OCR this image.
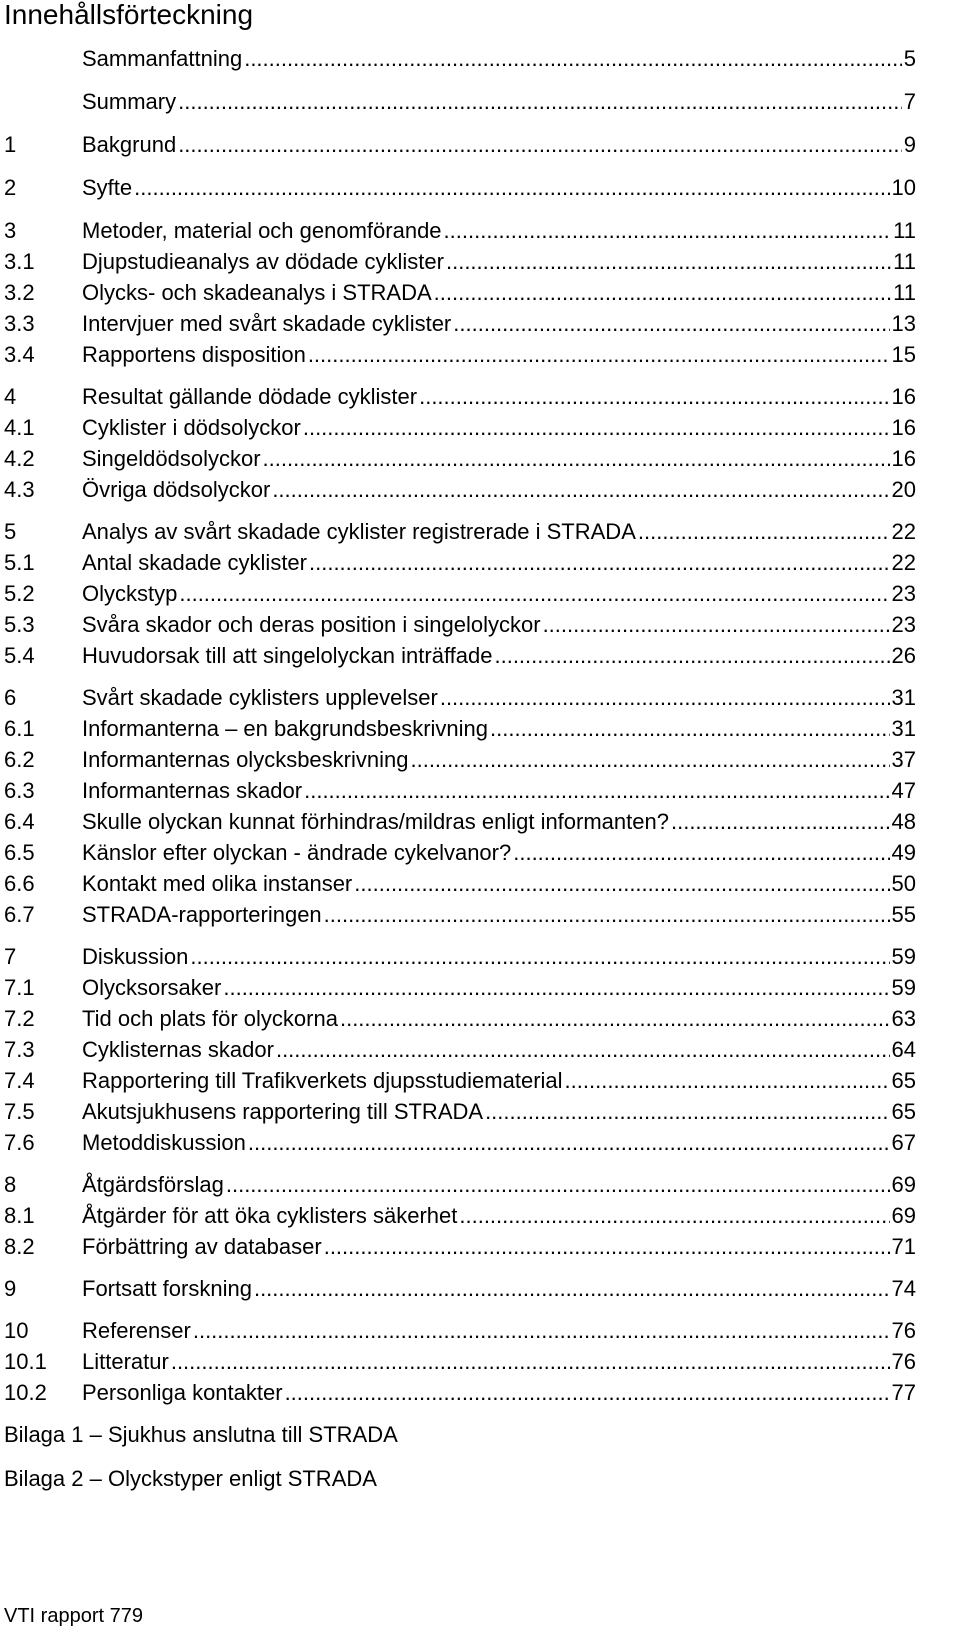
Innehållsförteckning
Sammanfattning .....	5
Summary .....	7
1	Bakgrund .....	9
2	Syfte .....	10
3	Metoder, material och genomförande .....	11
3.1	Djupstudieanalys av dödade cyklister .....	11
3.2	Olycks- och skadeanalys i STRADA .....	11
3.3	Intervjuer med svårt skadade cyklister .....	13
3.4	Rapportens disposition .....	15
4	Resultat gällande dödade cyklister .....	16
4.1	Cyklister i dödsolyckor .....	16
4.2	Singeldödsolyckor .....	16
4.3	Övriga dödsolyckor .....	20
5	Analys av svårt skadade cyklister registrerade i STRADA .....	22
5.1	Antal skadade cyklister .....	22
5.2	Olyckstyp .....	23
5.3	Svåra skador och deras position i singelolyckor .....	23
5.4	Huvudorsak till att singelolyckan inträffade .....	26
6	Svårt skadade cyklisters upplevelser .....	31
6.1	Informanterna – en bakgrundsbeskrivning .....	31
6.2	Informanternas olycksbeskrivning .....	37
6.3	Informanternas skador .....	47
6.4	Skulle olyckan kunnat förhindras/mildras enligt informanten? .....	48
6.5	Känslor efter olyckan - ändrade cykelvanor? .....	49
6.6	Kontakt med olika instanser .....	50
6.7	STRADA-rapporteringen .....	55
7	Diskussion .....	59
7.1	Olycksorsaker .....	59
7.2	Tid och plats för olyckorna .....	63
7.3	Cyklisternas skador .....	64
7.4	Rapportering till Trafikverkets djupsstudiematerial .....	65
7.5	Akutsjukhusens rapportering till STRADA .....	65
7.6	Metoddiskussion .....	67
8	Åtgärdsförslag .....	69
8.1	Åtgärder för att öka cyklisters säkerhet .....	69
8.2	Förbättring av databaser .....	71
9	Fortsatt forskning .....	74
10	Referenser .....	76
10.1	Litteratur .....	76
10.2	Personliga kontakter .....	77
Bilaga 1 – Sjukhus anslutna till STRADA
Bilaga 2 – Olyckstyper enligt STRADA
VTI rapport 779
